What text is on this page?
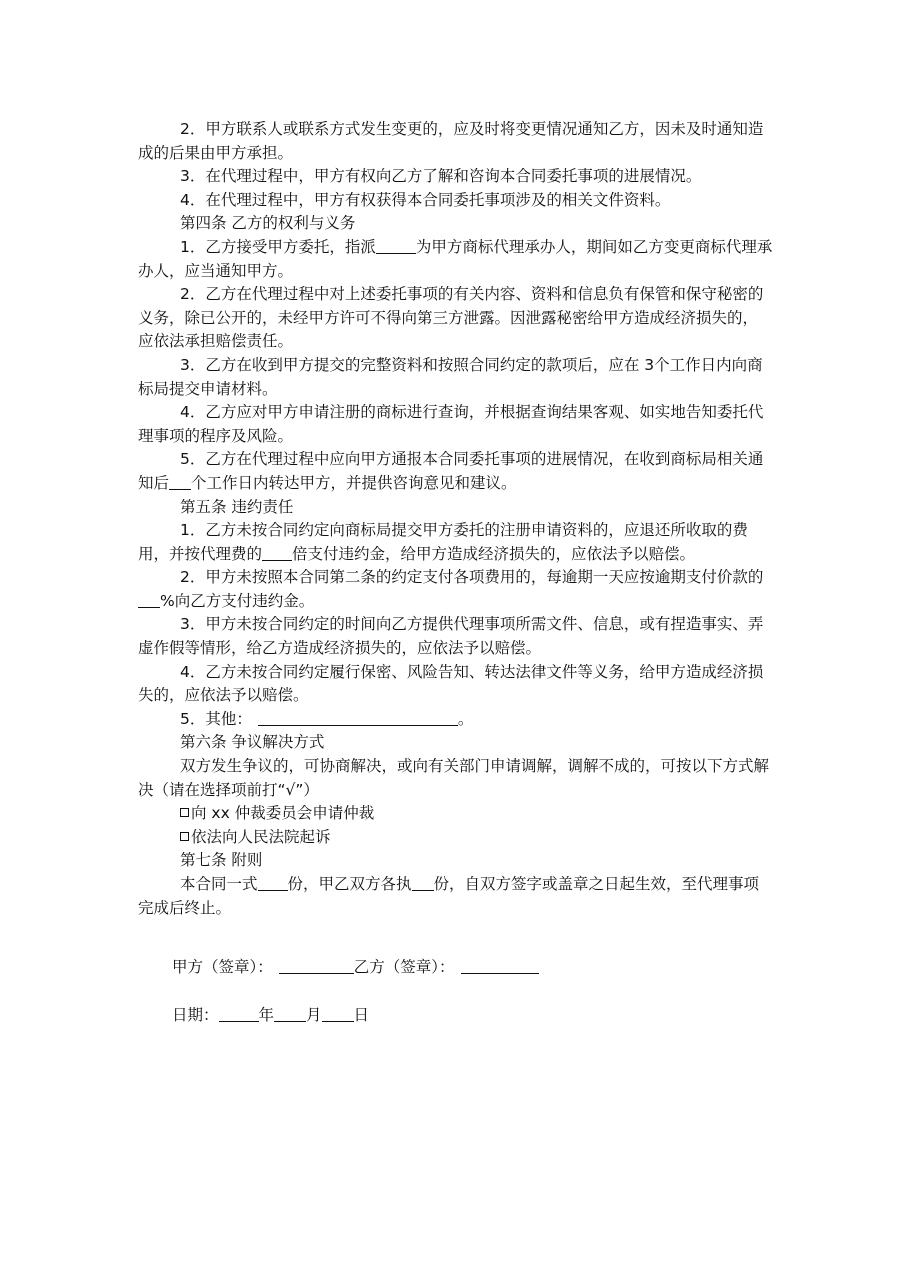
2．甲方联系人或联系方式发生变更的，应及时将变更情况通知乙方，因未及时通知造成的后果由甲方承担。

3．在代理过程中，甲方有权向乙方了解和咨询本合同委托事项的进展情况。

4．在代理过程中，甲方有权获得本合同委托事项涉及的相关文件资料。

第四条 乙方的权利与义务

1．乙方接受甲方委托，指派	为甲方商标代理承办人，期间如乙方变更商标代理承办人，应当通知甲方。

2．乙方在代理过程中对上述委托事项的有关内容、资料和信息负有保管和保守秘密的义务，除已公开的，未经甲方许可不得向第三方泄露。因泄露秘密给甲方造成经济损失的，应依法承担赔偿责任。

3．乙方在收到甲方提交的完整资料和按照合同约定的款项后，应在 3个工作日内向商标局提交申请材料。

4．乙方应对甲方申请注册的商标进行查询，并根据查询结果客观、如实地告知委托代理事项的程序及风险。

5．乙方在代理过程中应向甲方通报本合同委托事项的进展情况，在收到商标局相关通知后 个工作日内转达甲方，并提供咨询意见和建议。

第五条 违约责任

1．乙方未按合同约定向商标局提交甲方委托的注册申请资料的，应退还所收取的费用，并按代理费的 倍支付违约金，给甲方造成经济损失的，应依法予以赔偿。

2．甲方未按照本合同第二条的约定支付各项费用的，每逾期一天应按逾期支付价款的%向乙方支付违约金。

3．甲方未按合同约定的时间向乙方提供代理事项所需文件、信息，或有捏造事实、弄虚作假等情形，给乙方造成经济损失的，应依法予以赔偿。

4．乙方未按合同约定履行保密、风险告知、转达法律文件等义务，给甲方造成经济损失的，应依法予以赔偿。

5．其他：	。

第六条 争议解决方式

双方发生争议的，可协商解决，或向有关部门申请调解，调解不成的，可按以下方式解决（请在选择项前打“√”）

向 xx 仲裁委员会申请仲裁

依法向人民法院起诉

第七条 附则

本合同一式 份，甲乙双方各执 份，自双方签字或盖章之日起生效，至代理事项完成后终止。

甲方（签章）：	乙方（签章）：
日期：	年 月 日
